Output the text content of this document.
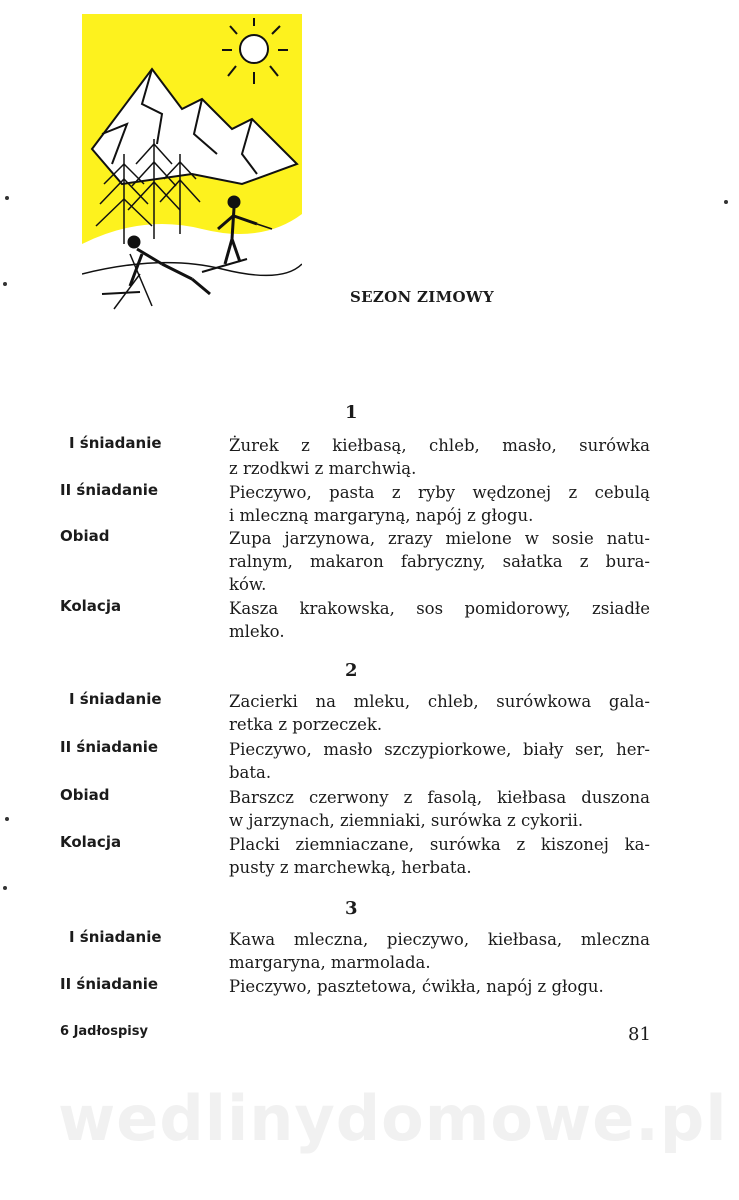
SEZON ZIMOWY
1
I śniadanie	Żurek z kiełbasą, chleb, masło, surówka
z rzodkwi z marchwią.
II śniadanie	Pieczywo, pasta z ryby wędzonej z cebulą
i mleczną margaryną, napój z głogu.
Obiad	Zupa jarzynowa, zrazy mielone w sosie natu-
ralnym, makaron fabryczny, sałatka z bura-
ków.
Kolacja	Kasza krakowska, sos pomidorowy, zsiadłe
mleko.
2
I śniadanie	Zacierki na mleku, chleb, surówkowa gala-
retka z porzeczek.
II śniadanie	Pieczywo, masło szczypiorkowe, biały ser, her-
bata.
Obiad	Barszcz czerwony z fasolą, kiełbasa duszona
w jarzynach, ziemniaki, surówka z cykorii.
Kolacja	Placki ziemniaczane, surówka z kiszonej ka-
pusty z marchewką, herbata.
3
I śniadanie	Kawa mleczna, pieczywo, kiełbasa, mleczna
margaryna, marmolada.
II śniadanie	Pieczywo, pasztetowa, ćwikła, napój z głogu.
6 Jadłospisy	81
wedlinydomowe.pl
